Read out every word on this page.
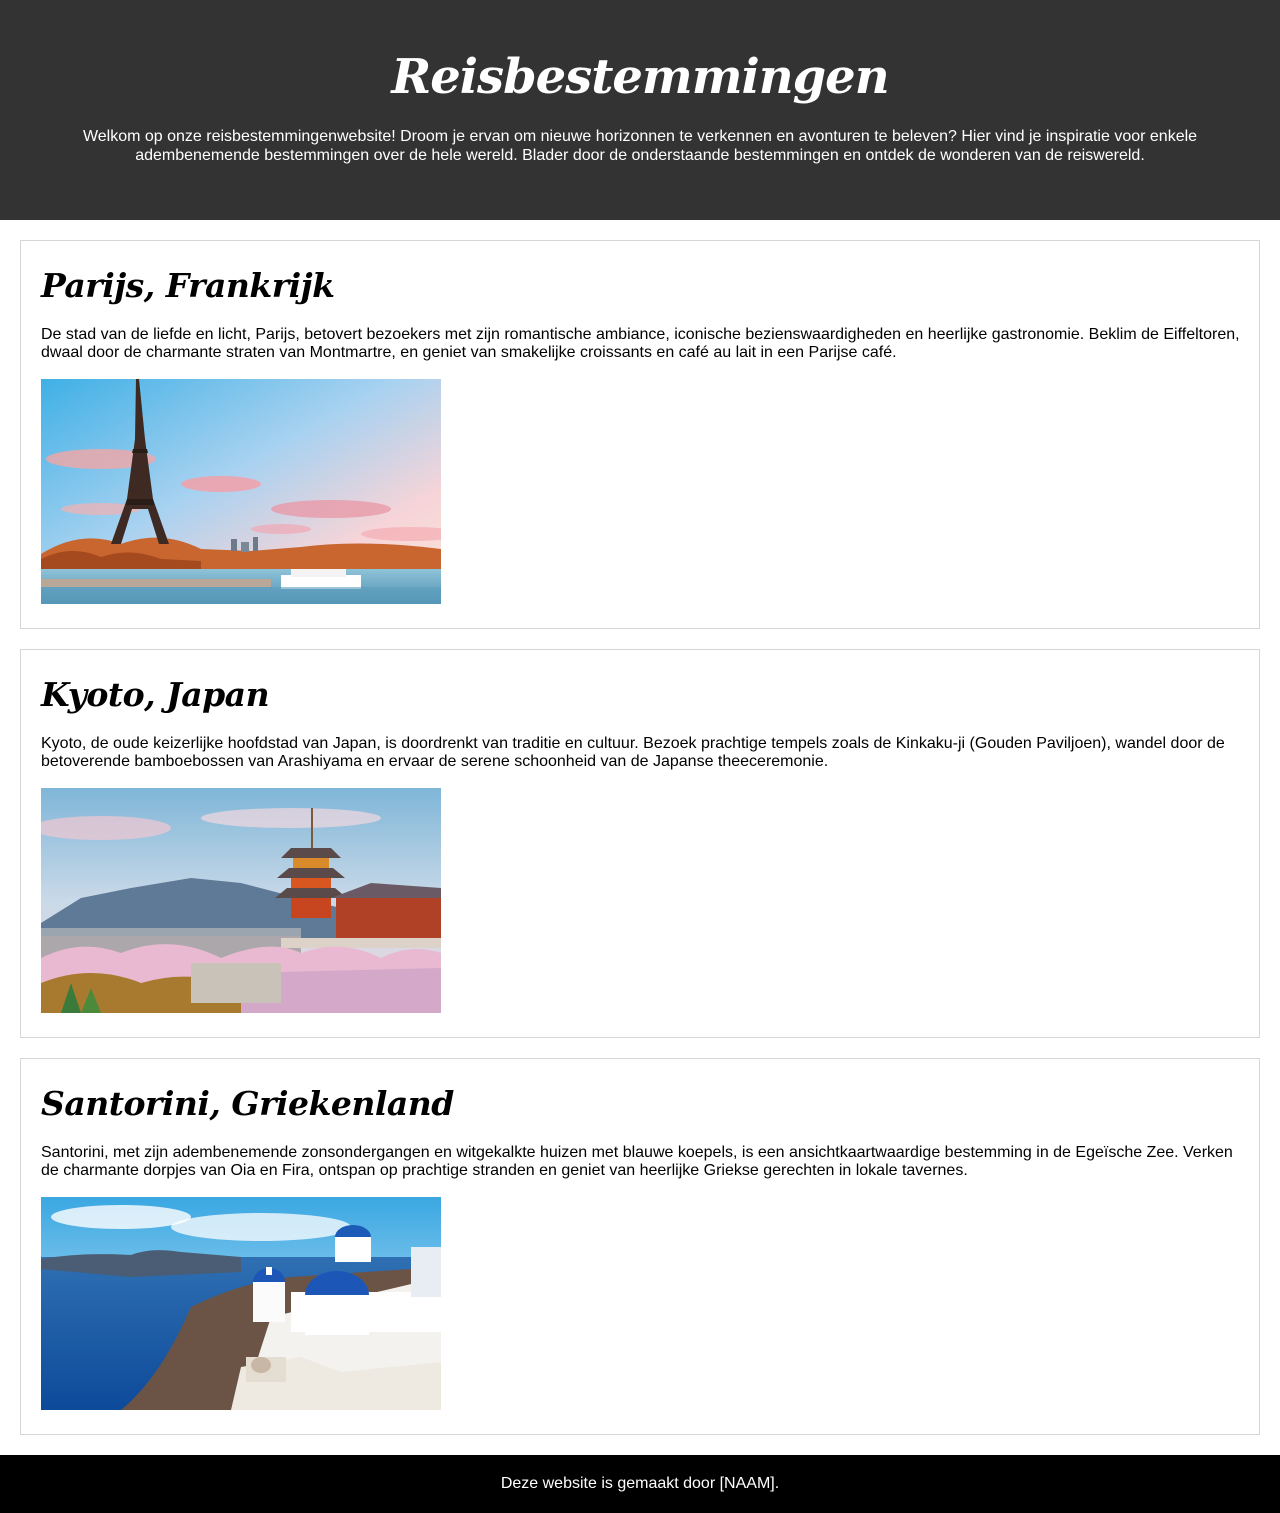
Reisbestemmingen

Welkom op onze reisbestemmingenwebsite! Droom je ervan om nieuwe horizonnen te verkennen en avonturen te beleven? Hier vind je inspiratie voor enkele adembenemende bestemmingen over de hele wereld. Blader door de onderstaande bestemmingen en ontdek de wonderen van de reiswereld.

Parijs, Frankrijk

De stad van de liefde en licht, Parijs, betovert bezoekers met zijn romantische ambiance, iconische bezienswaardigheden en heerlijke gastronomie. Beklim de Eiffeltoren, dwaal door de charmante straten van Montmartre, en geniet van smakelijke croissants en café au lait in een Parijse café.

Kyoto, Japan

Kyoto, de oude keizerlijke hoofdstad van Japan, is doordrenkt van traditie en cultuur. Bezoek prachtige tempels zoals de Kinkaku-ji (Gouden Paviljoen), wandel door de betoverende bamboebossen van Arashiyama en ervaar de serene schoonheid van de Japanse theeceremonie.

Santorini, Griekenland

Santorini, met zijn adembenemende zonsondergangen en witgekalkte huizen met blauwe koepels, is een ansichtkaartwaardige bestemming in de Egeïsche Zee. Verken de charmante dorpjes van Oia en Fira, ontspan op prachtige stranden en geniet van heerlijke Griekse gerechten in lokale tavernes.

Deze website is gemaakt door [NAAM].
